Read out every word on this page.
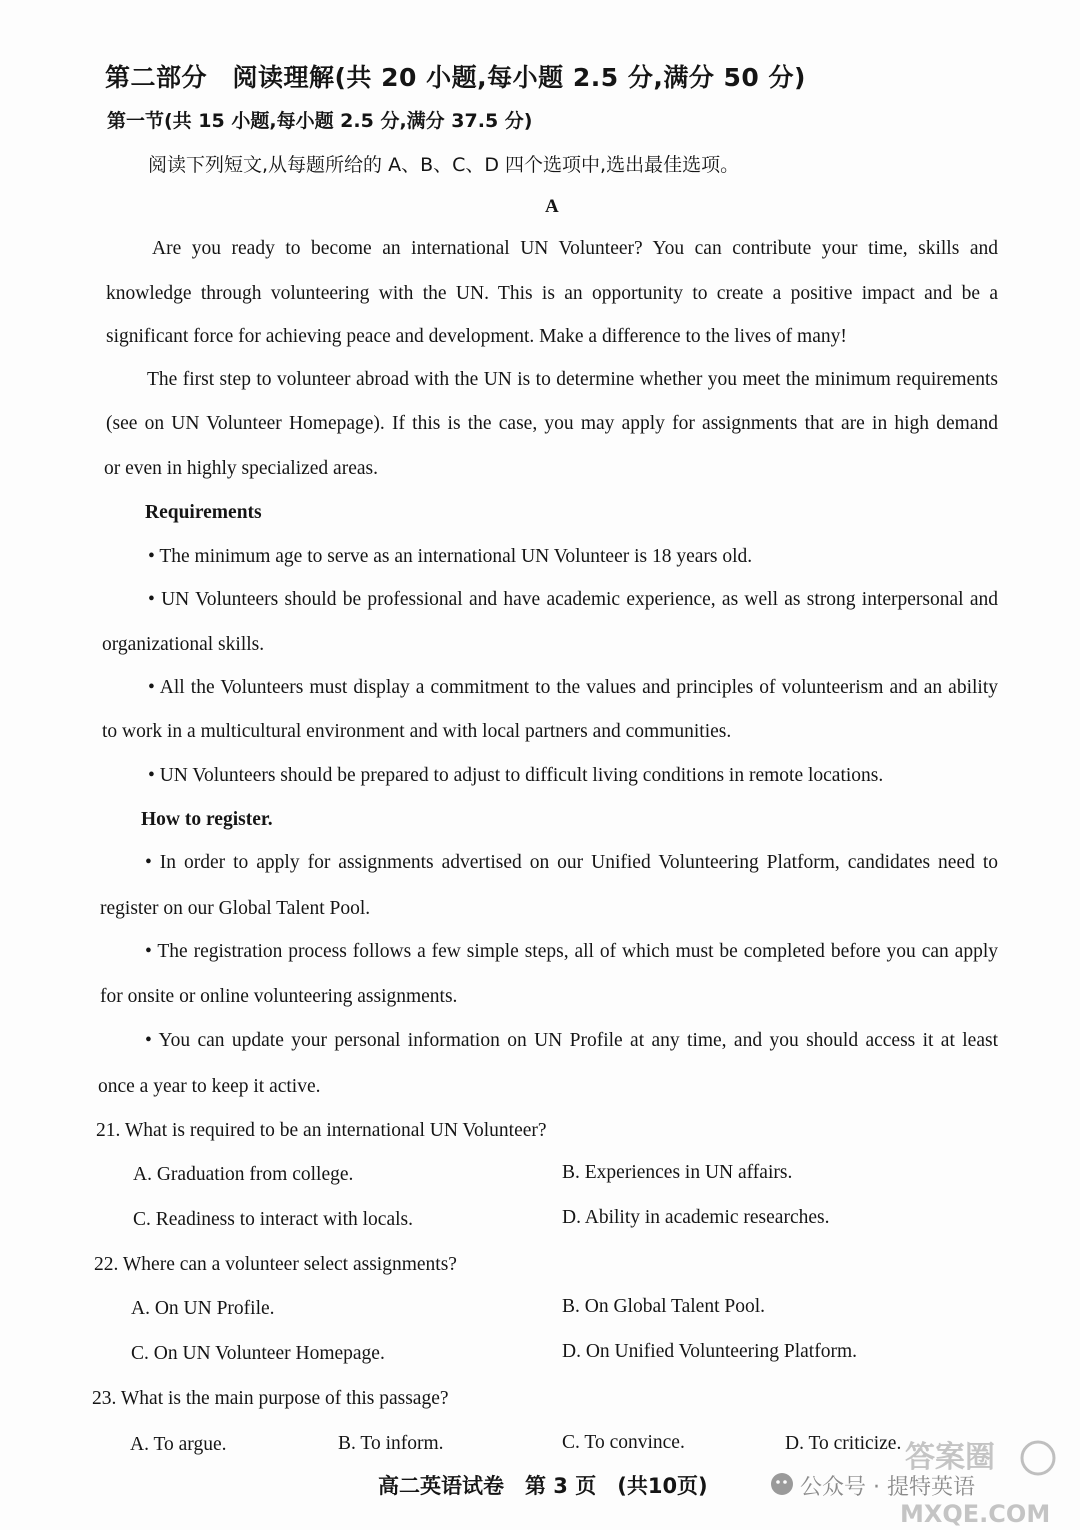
第二部分　阅读理解(共 20 小题,每小题 2.5 分,满分 50 分)
第一节(共 15 小题,每小题 2.5 分,满分 37.5 分)
阅读下列短文,从每题所给的 A、B、C、D 四个选项中,选出最佳选项。
A
Are you ready to become an international UN Volunteer? You can contribute your time, skills and
knowledge through volunteering with the UN. This is an opportunity to create a positive impact and be a
significant force for achieving peace and development. Make a difference to the lives of many!
The first step to volunteer abroad with the UN is to determine whether you meet the minimum requirements
(see on UN Volunteer Homepage). If this is the case, you may apply for assignments that are in high demand
or even in highly specialized areas.
Requirements
• The minimum age to serve as an international UN Volunteer is 18 years old.
• UN Volunteers should be professional and have academic experience, as well as strong interpersonal and
organizational skills.
• All the Volunteers must display a commitment to the values and principles of volunteerism and an ability
to work in a multicultural environment and with local partners and communities.
• UN Volunteers should be prepared to adjust to difficult living conditions in remote locations.
How to register.
• In order to apply for assignments advertised on our Unified Volunteering Platform, candidates need to
register on our Global Talent Pool.
• The registration process follows a few simple steps, all of which must be completed before you can apply
for onsite or online volunteering assignments.
• You can update your personal information on UN Profile at any time, and you should access it at least
once a year to keep it active.
21. What is required to be an international UN Volunteer?
A. Graduation from college.	B. Experiences in UN affairs.
C. Readiness to interact with locals.	D. Ability in academic researches.
22. Where can a volunteer select assignments?
A. On UN Profile.	B. On Global Talent Pool.
C. On UN Volunteer Homepage.	D. On Unified Volunteering Platform.
23. What is the main purpose of this passage?
A. To argue.	B. To inform.	C. To convince.	D. To criticize.
高二英语试卷　第 3 页　(共10页)	公众号 · 提特英语
答案圈
MXQE.COM
